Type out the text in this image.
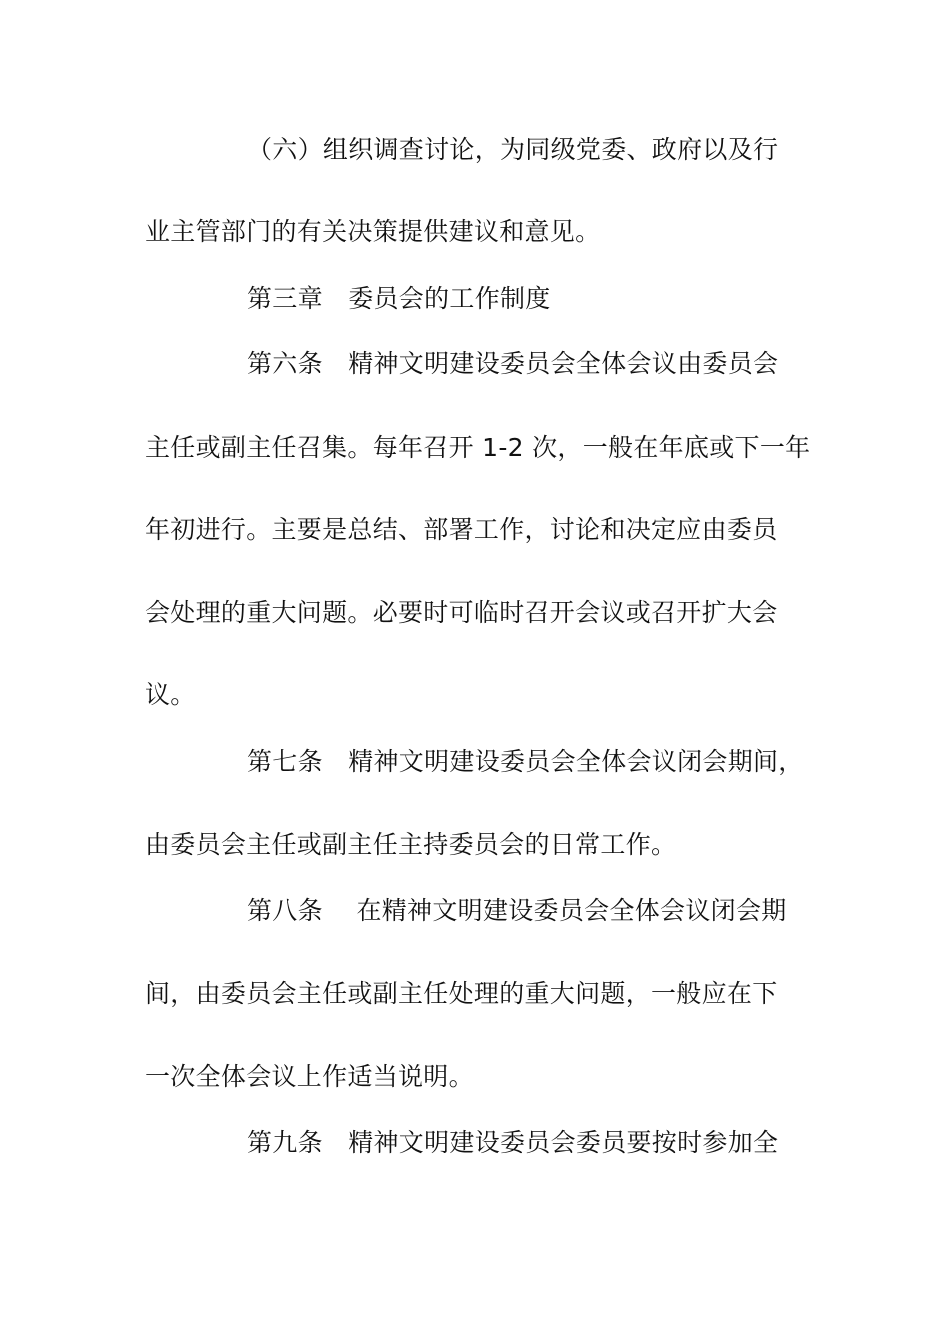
（六）组织调查讨论，为同级党委、政府以及行
业主管部门的有关决策提供建议和意见。
第三章　委员会的工作制度
第六条　精神文明建设委员会全体会议由委员会
主任或副主任召集。每年召开 1-2 次，一般在年底或下一年
年初进行。主要是总结、部署工作，讨论和决定应由委员
会处理的重大问题。必要时可临时召开会议或召开扩大会
议。
第七条　精神文明建设委员会全体会议闭会期间，
由委员会主任或副主任主持委员会的日常工作。
第八条　 在精神文明建设委员会全体会议闭会期
间，由委员会主任或副主任处理的重大问题，一般应在下
一次全体会议上作适当说明。
第九条　精神文明建设委员会委员要按时参加全
